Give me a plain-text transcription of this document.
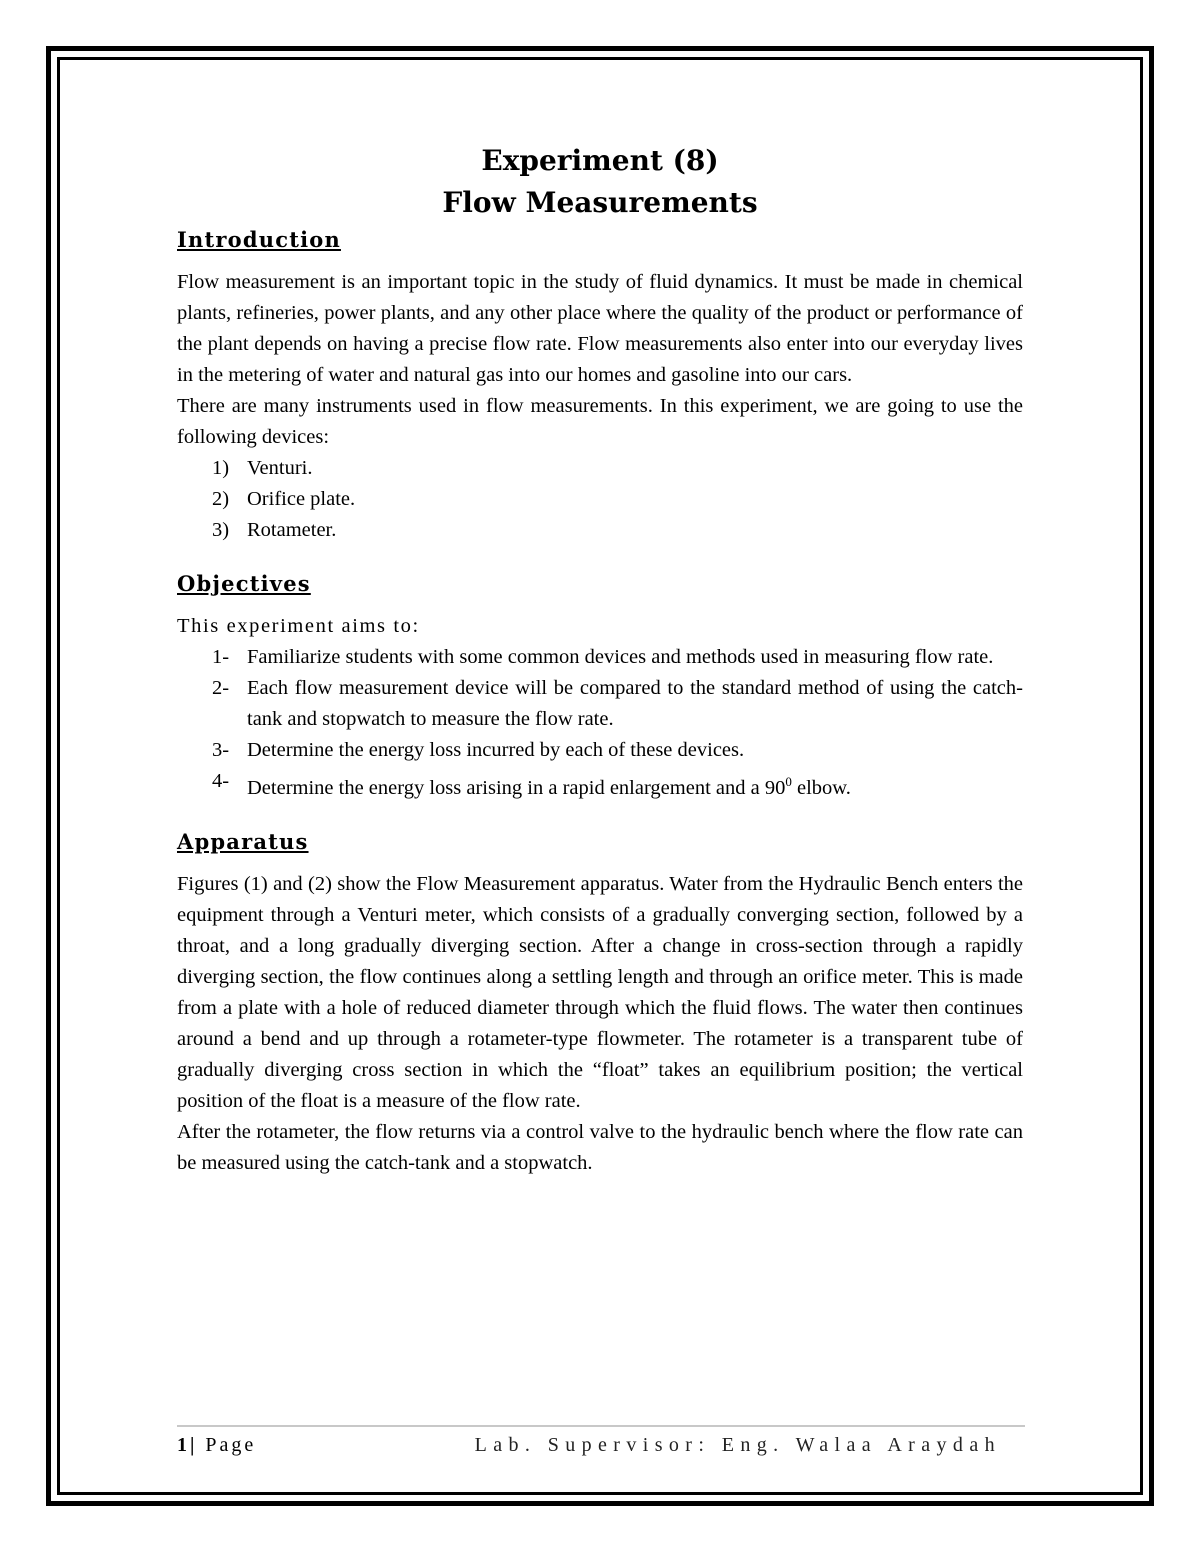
Experiment (8)
Flow Measurements
Introduction

Flow measurement is an important topic in the study of fluid dynamics. It must be made in chemical plants, refineries, power plants, and any other place where the quality of the product or performance of the plant depends on having a precise flow rate. Flow measurements also enter into our everyday lives in the metering of water and natural gas into our homes and gasoline into our cars.

There are many instruments used in flow measurements. In this experiment, we are going to use the following devices:

1) Venturi.
2) Orifice plate.
3) Rotameter.
Objectives

This experiment aims to:

1- Familiarize students with some common devices and methods used in measuring flow rate.
2- Each flow measurement device will be compared to the standard method of using the catch-tank and stopwatch to measure the flow rate.
3- Determine the energy loss incurred by each of these devices.
4- Determine the energy loss arising in a rapid enlargement and a $90^0$ elbow.
Apparatus

Figures (1) and (2) show the Flow Measurement apparatus. Water from the Hydraulic Bench enters the equipment through a Venturi meter, which consists of a gradually converging section, followed by a throat, and a long gradually diverging section. After a change in cross-section through a rapidly diverging section, the flow continues along a settling length and through an orifice meter. This is made from a plate with a hole of reduced diameter through which the fluid flows. The water then continues around a bend and up through a rotameter-type flowmeter. The rotameter is a transparent tube of gradually diverging cross section in which the “float” takes an equilibrium position; the vertical position of the float is a measure of the flow rate.

After the rotameter, the flow returns via a control valve to the hydraulic bench where the flow rate can be measured using the catch-tank and a stopwatch.

1| Page	Lab. Supervisor: Eng. Walaa Araydah
